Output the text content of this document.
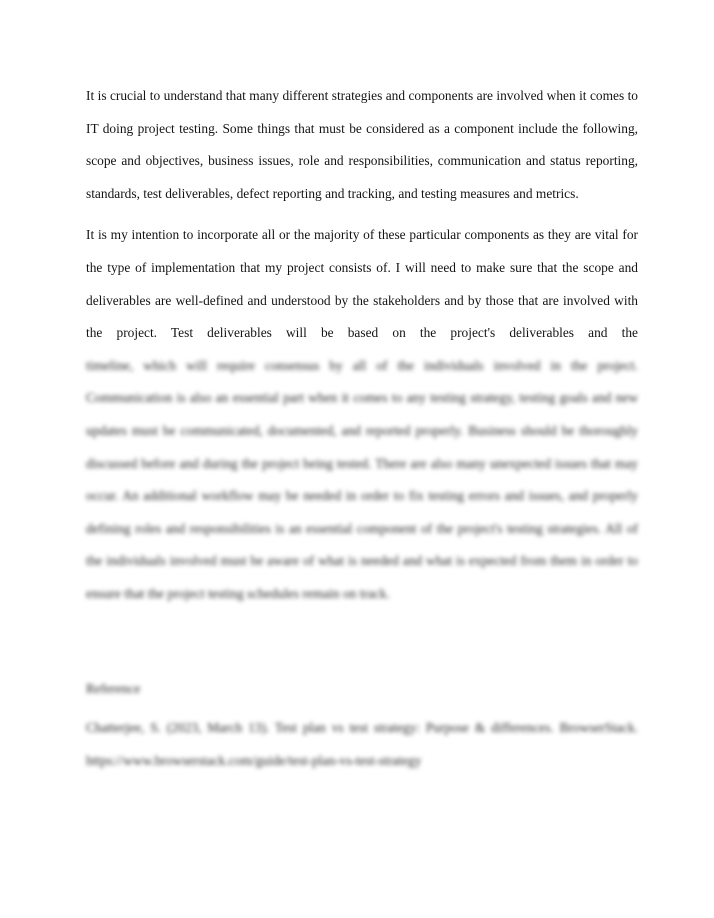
It is crucial to understand that many different strategies and components are involved when it comes to IT doing project testing. Some things that must be considered as a component include the following, scope and objectives, business issues, role and responsibilities, communication and status reporting, standards, test deliverables, defect reporting and tracking, and testing measures and metrics.

It is my intention to incorporate all or the majority of these particular components as they are vital for the type of implementation that my project consists of. I will need to make sure that the scope and deliverables are well-defined and understood by the stakeholders and by those that are involved with the project. Test deliverables will be based on the project's deliverables and the

timeline, which will require consensus by all of the individuals involved in the project. Communication is also an essential part when it comes to any testing strategy, testing goals and new updates must be communicated, documented, and reported properly. Business should be thoroughly discussed before and during the project being tested. There are also many unexpected issues that may occur. An additional workflow may be needed in order to fix testing errors and issues, and properly defining roles and responsibilities is an essential component of the project's testing strategies. All of the individuals involved must be aware of what is needed and what is expected from them in order to ensure that the project testing schedules remain on track.

Reference

Chatterjee, S. (2023, March 13). Test plan vs test strategy: Purpose & differences. BrowserStack. https://www.browserstack.com/guide/test-plan-vs-test-strategy
